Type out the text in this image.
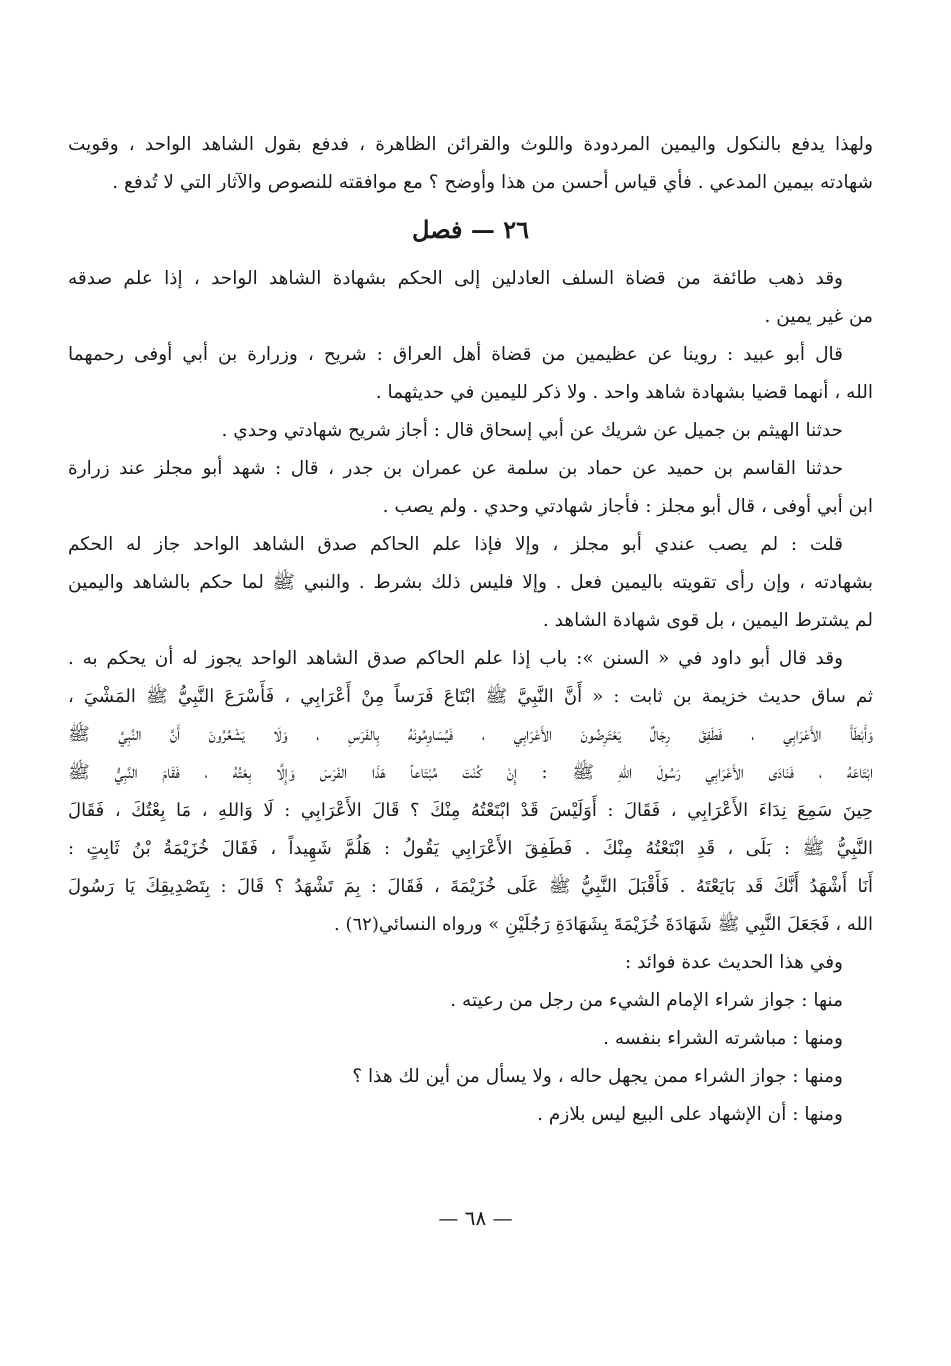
ولهذا يدفع بالنكول واليمين المردودة واللوث والقرائن الظاهرة ، فدفع بقول الشاهد الواحد ، وقويت
شهادته بيمين المدعي . فأي قياس أحسن من هذا وأوضح ؟ مع موافقته للنصوص والآثار التي لا تُدفع .
٢٦ — فصل
وقد ذهب طائفة من قضاة السلف العادلين إلى الحكم بشهادة الشاهد الواحد ، إذا علم صدقه
من غير يمين .
قال أبو عبيد : روينا عن عظيمين من قضاة أهل العراق : شريح ، وزرارة بن أبي أوفى رحمهما
الله ، أنهما قضيا بشهادة شاهد واحد . ولا ذكر لليمين في حديثهما .
حدثنا الهيثم بن جميل عن شريك عن أبي إسحاق قال : أجاز شريح شهادتي وحدي .
حدثنا القاسم بن حميد عن حماد بن سلمة عن عمران بن جدر ، قال : شهد أبو مجلز عند زرارة
ابن أبي أوفى ، قال أبو مجلز : فأجاز شهادتي وحدي . ولم يصب .
قلت : لم يصب عندي أبو مجلز ، وإلا فإذا علم الحاكم صدق الشاهد الواحد جاز له الحكم
بشهادته ، وإن رأى تقويته باليمين فعل . وإلا فليس ذلك بشرط . والنبي ﷺ لما حكم بالشاهد واليمين
لم يشترط اليمين ، بل قوى شهادة الشاهد .
وقد قال أبو داود في « السنن »: باب إذا علم الحاكم صدق الشاهد الواحد يجوز له أن يحكم به .
ثم ساق حديث خزيمة بن ثابت : « أَنَّ النَّبِيَّ ﷺ ابْتَاعَ فَرَساً مِنْ أَعْرَابِي ، فَأَسْرَعَ النَّبِيُّ ﷺ المَشْيَ ،
وَأَبْطَأَ الأَعْرَابِي ، فَطَفِقَ رِجَالٌ يَعْتَرِضُونَ الأَعْرَابِي ، فَيُسَاوِمُونَهُ بِالفَرَسِ ، وَلَا يَشْعُرُونَ أَنَّ النَّبِيَّ ﷺ
ابْتَاعَهُ ، فَنَادَى الأَعْرَابِي رَسُولَ اللهِ ﷺ : إِنْ كُنْتَ مُبْتَاعاً هَذَا الفَرَسَ وَإِلَّا بِعْتُهُ ، فَقَامَ النَّبِيُّ ﷺ
حِينَ سَمِعَ نِدَاءَ الأَعْرَابِي ، فَقَالَ : أَوَلَيْسَ قَدْ ابْتَعْتُهُ مِنْكَ ؟ قَالَ الأَعْرَابِي : لَا وَاللهِ ، مَا بِعْتُكَ ، فَقَالَ
النَّبِيُّ ﷺ : بَلَى ، قَدِ ابْتَعْتُهُ مِنْكَ . فَطَفِقَ الأَعْرَابِي يَقُولُ : هَلُمَّ شَهِيداً ، فَقَالَ خُزَيْمَةُ بْنُ ثَابِتٍ :
أَنَا أَشْهَدُ أَنَّكَ قَد بَايَعْتَهُ . فَأَقْبَلَ النَّبِيُّ ﷺ عَلَى خُزَيْمَةَ ، فَقَالَ : بِمَ تَشْهَدُ ؟ قَالَ : بِتَصْدِيقِكَ يَا رَسُولَ
الله ، فَجَعَلَ النَّبِي ﷺ شَهَادَةَ خُزَيْمَةَ بِشَهَادَةِ رَجُلَيْنِ » ورواه النسائي(٦٢) .
وفي هذا الحديث عدة فوائد :
منها : جواز شراء الإمام الشيء من رجل من رعيته .
ومنها : مباشرته الشراء بنفسه .
ومنها : جواز الشراء ممن يجهل حاله ، ولا يسأل من أين لك هذا ؟
ومنها : أن الإشهاد على البيع ليس بلازم .
— ٦٨ —
